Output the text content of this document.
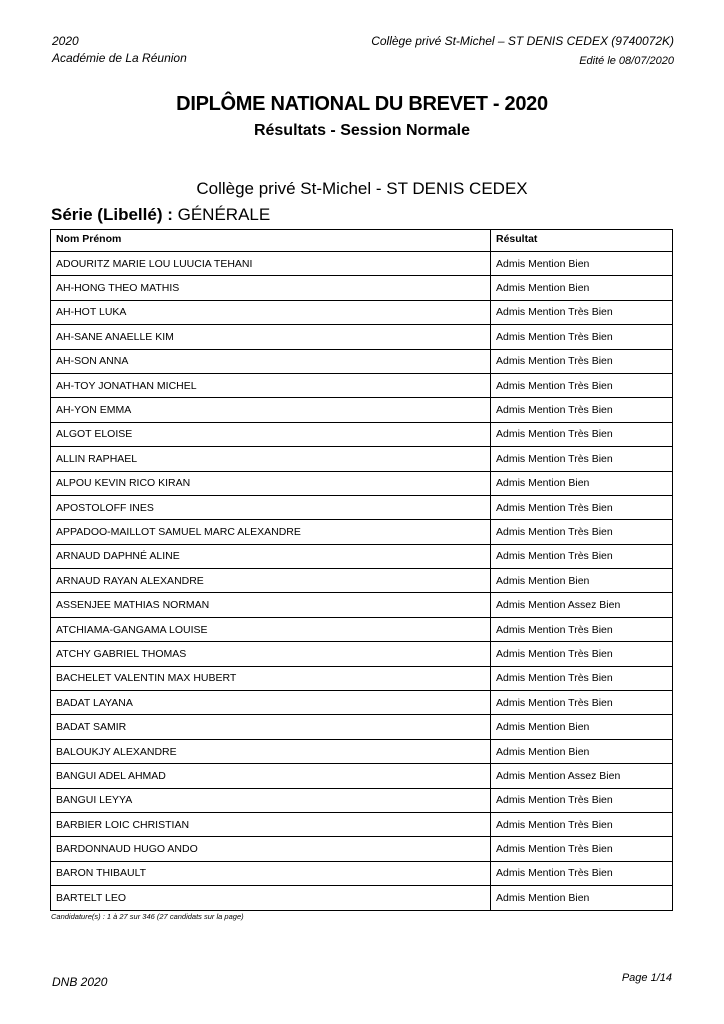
2020
Académie de La Réunion
Collège privé St-Michel – ST DENIS CEDEX (9740072K)
Edité le 08/07/2020
DIPLÔME NATIONAL DU BREVET - 2020
Résultats - Session Normale
Collège privé St-Michel - ST DENIS CEDEX
Série (Libellé) : GÉNÉRALE
Nom Prénom	Résultat
ADOURITZ MARIE LOU LUUCIA TEHANI	Admis Mention Bien
AH-HONG THEO MATHIS	Admis Mention Bien
AH-HOT LUKA	Admis Mention Très Bien
AH-SANE ANAELLE KIM	Admis Mention Très Bien
AH-SON ANNA	Admis Mention Très Bien
AH-TOY JONATHAN MICHEL	Admis Mention Très Bien
AH-YON EMMA	Admis Mention Très Bien
ALGOT ELOISE	Admis Mention Très Bien
ALLIN RAPHAEL	Admis Mention Très Bien
ALPOU KEVIN RICO KIRAN	Admis Mention Bien
APOSTOLOFF INES	Admis Mention Très Bien
APPADOO-MAILLOT SAMUEL MARC ALEXANDRE	Admis Mention Très Bien
ARNAUD DAPHNÉ ALINE	Admis Mention Très Bien
ARNAUD RAYAN ALEXANDRE	Admis Mention Bien
ASSENJEE MATHIAS NORMAN	Admis Mention Assez Bien
ATCHIAMA-GANGAMA LOUISE	Admis Mention Très Bien
ATCHY GABRIEL THOMAS	Admis Mention Très Bien
BACHELET VALENTIN MAX HUBERT	Admis Mention Très Bien
BADAT LAYANA	Admis Mention Très Bien
BADAT SAMIR	Admis Mention Bien
BALOUKJY ALEXANDRE	Admis Mention Bien
BANGUI ADEL AHMAD	Admis Mention Assez Bien
BANGUI LEYYA	Admis Mention Très Bien
BARBIER LOIC CHRISTIAN	Admis Mention Très Bien
BARDONNAUD HUGO ANDO	Admis Mention Très Bien
BARON THIBAULT	Admis Mention Très Bien
BARTELT LEO	Admis Mention Bien
Candidature(s) : 1 à 27 sur 346 (27 candidats sur la page)
DNB 2020	Page 1/14
